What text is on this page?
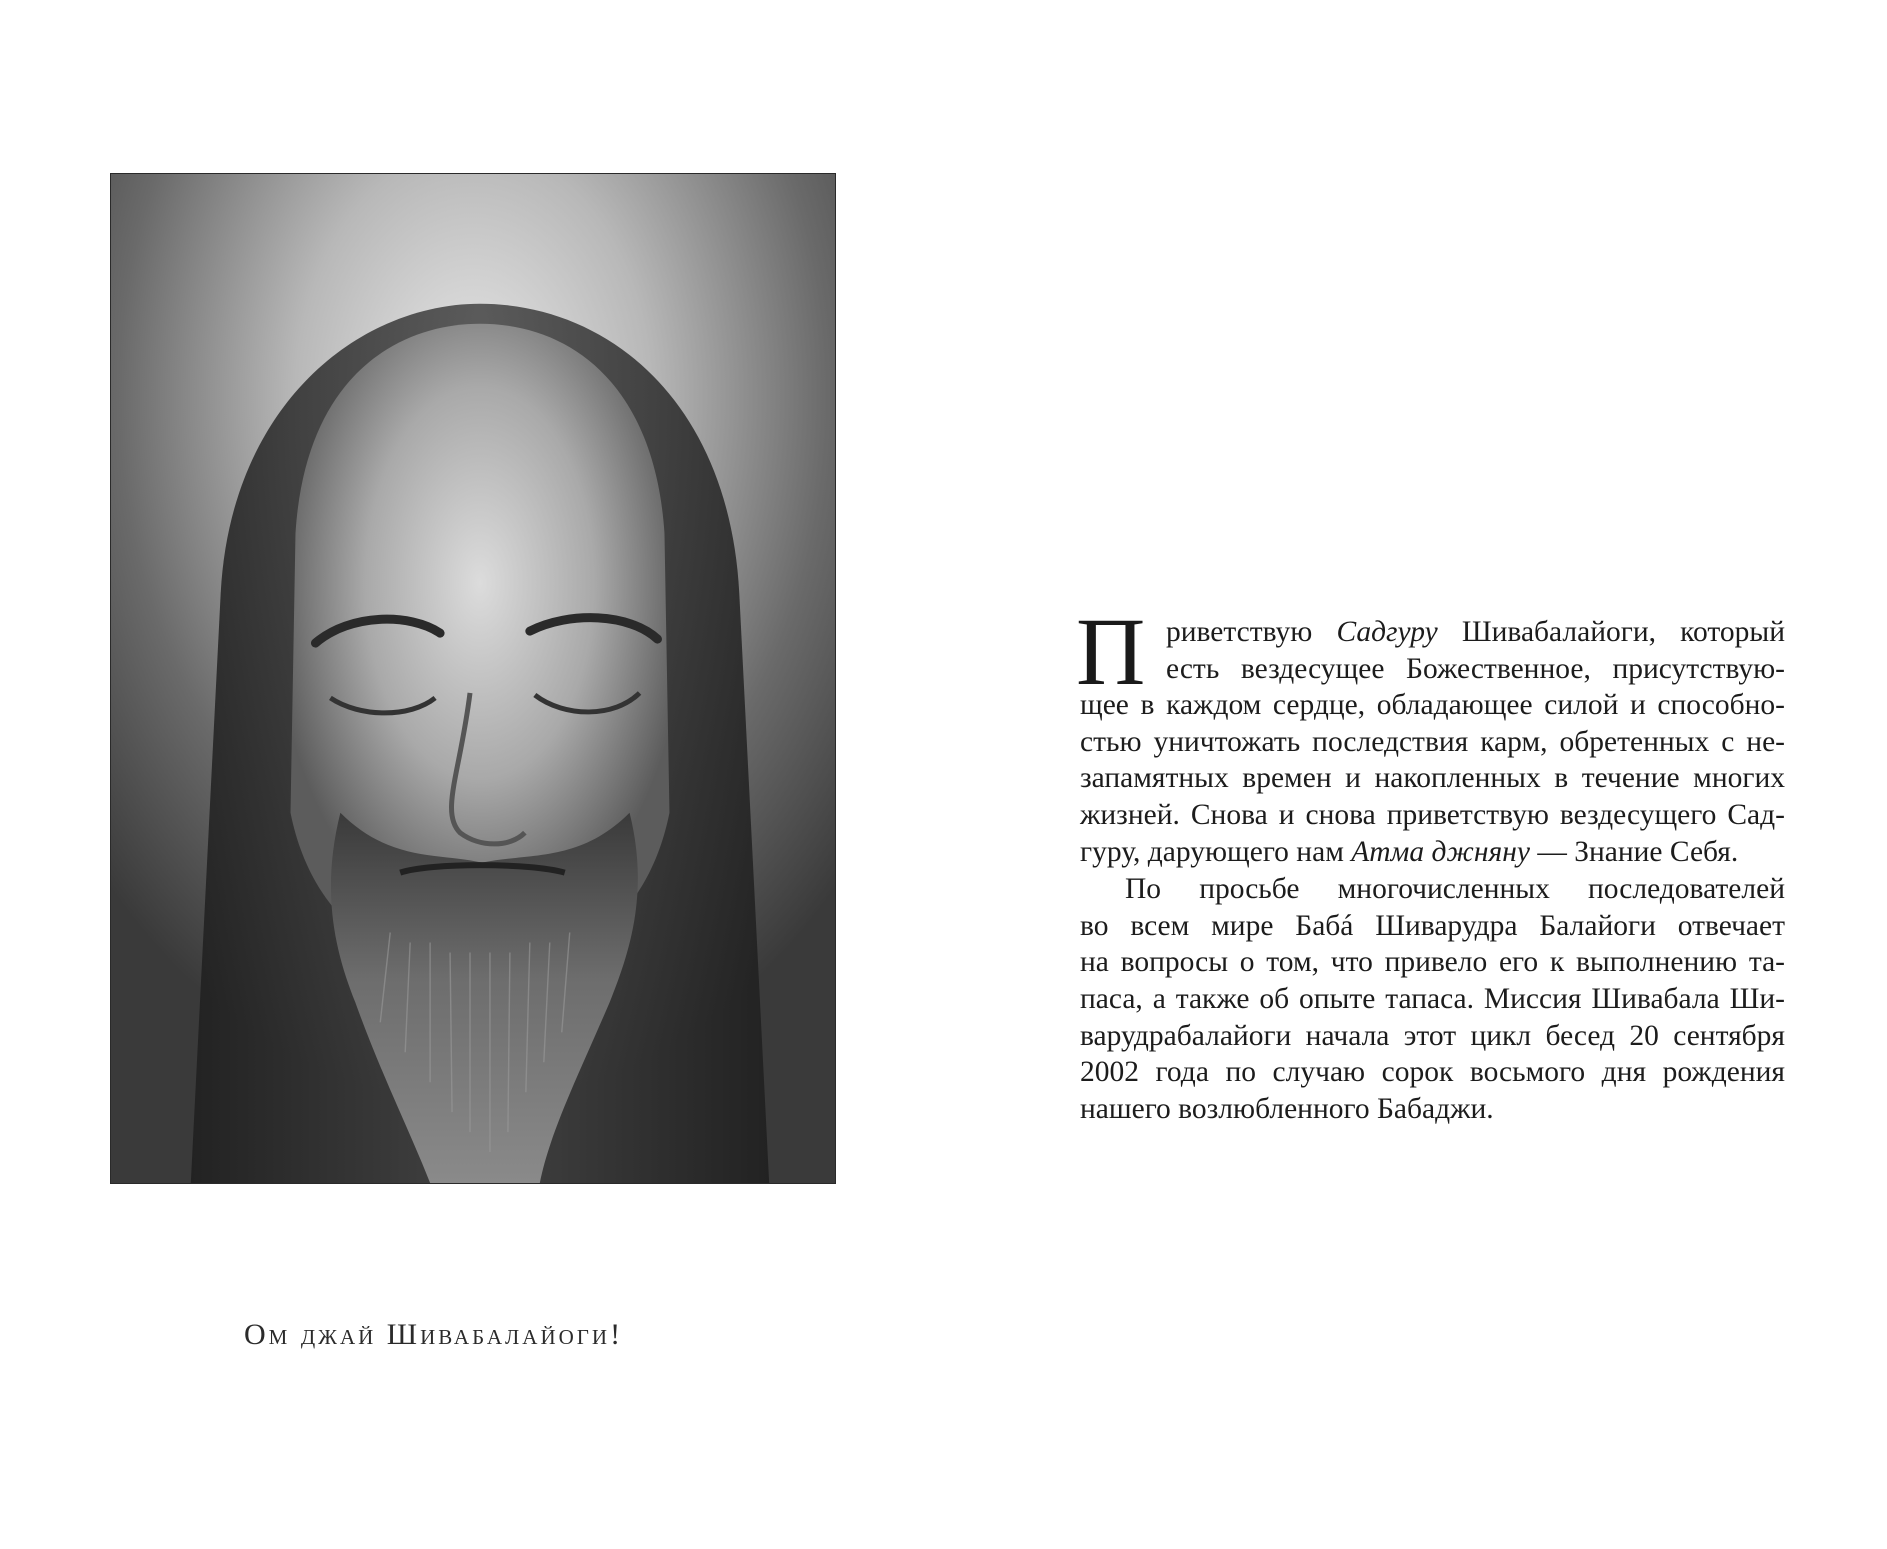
Ом джай Шивабалайоги!
П риветствую Садгуру Шивабалайоги, который
есть вездесущее Божественное, присутствую-
щее в каждом сердце, обладающее силой и способно-
стью уничтожать последствия карм, обретенных с не-
запамятных времен и накопленных в течение многих
жизней. Снова и снова приветствую вездесущего Сад-
гуру, дарующего нам Атма джняну — Знание Себя.
По просьбе многочисленных последователей
во всем мире Бабá Шиварудра Балайоги отвечает
на вопросы о том, что привело его к выполнению та-
паса, а также об опыте тапаса. Миссия Шивабала Ши-
варудрабалайоги начала этот цикл бесед 20 сентября
2002 года по случаю сорок восьмого дня рождения
нашего возлюбленного Бабаджи.
